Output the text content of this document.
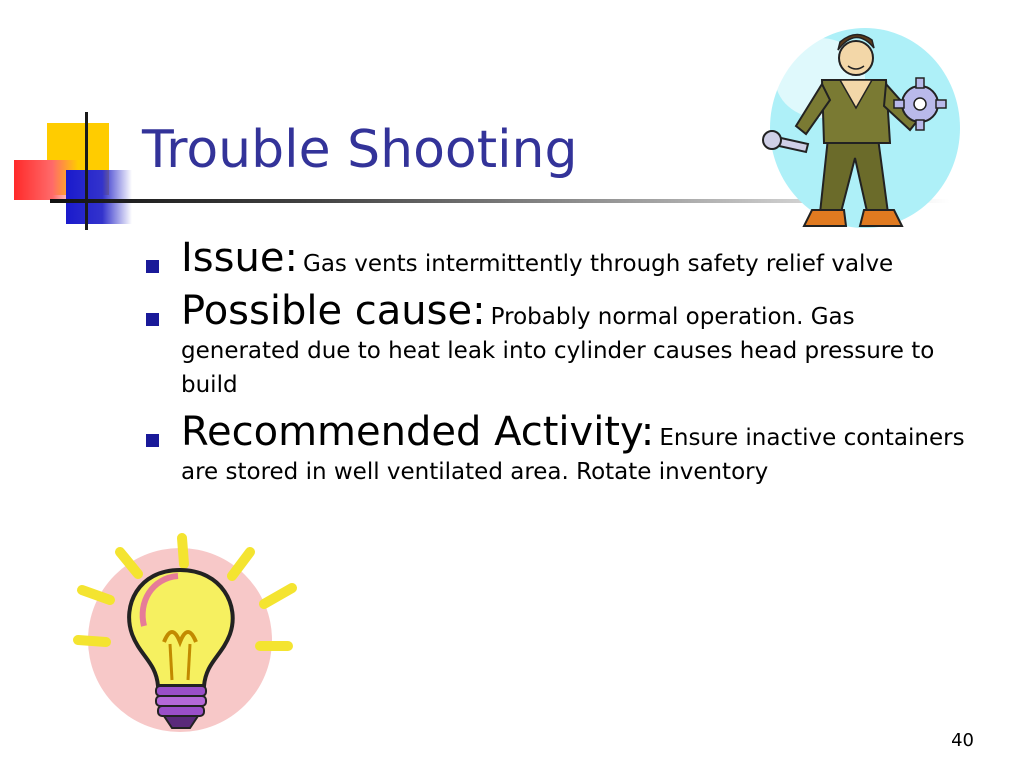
Trouble Shooting
Issue: Gas vents intermittently through safety relief valve
Possible cause: Probably normal operation. Gas generated due to heat leak into cylinder causes head pressure to build
Recommended Activity: Ensure inactive containers are stored in well ventilated area. Rotate inventory
40
